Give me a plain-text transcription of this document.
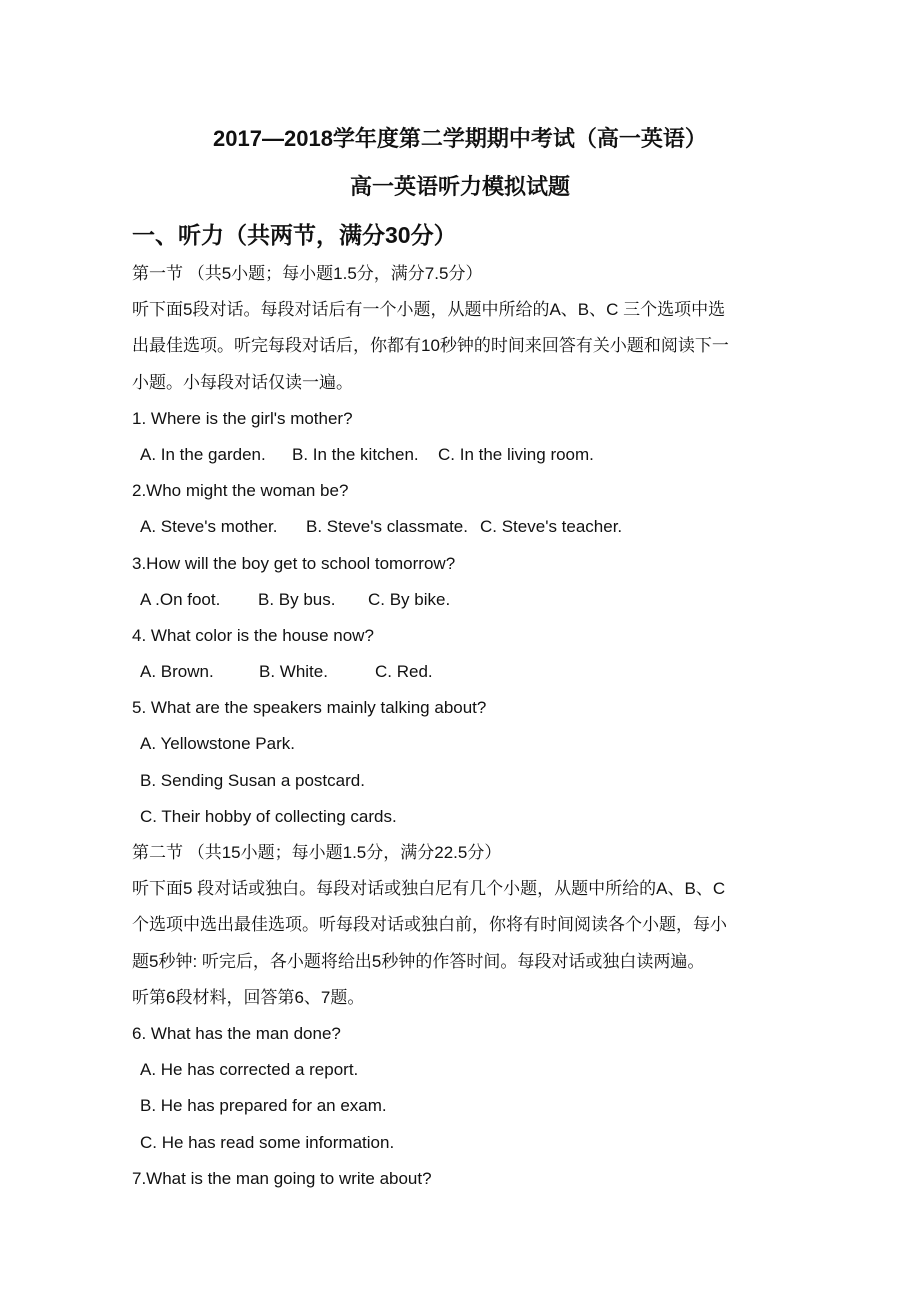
2017—2018学年度第二学期期中考试（高一英语）
高一英语听力模拟试题
一、听力（共两节，满分30分）

第一节 （共5小题；每小题1.5分，满分7.5分）
听下面5段对话。每段对话后有一个小题，从题中所给的A、B、C 三个选项中选
出最佳选项。听完每段对话后，你都有10秒钟的时间来回答有关小题和阅读下一
小题。小每段对话仅读一遍。
1. Where is the girl's mother?
A. In the garden. B. In the kitchen. C. In the living room.
2.Who might the woman be?
A. Steve's mother. B. Steve's classmate. C. Steve's teacher.
3.How will the boy get to school tomorrow?
A .On foot. B. By bus. C. By bike.
4. What color is the house now?
A. Brown.	B. White.	C. Red.
5. What are the speakers mainly talking about?
A. Yellowstone Park.
B. Sending Susan a postcard.
C. Their hobby of collecting cards.
第二节 （共15小题；每小题1.5分，满分22.5分）
听下面5 段对话或独白。每段对话或独白尼有几个小题，从题中所给的A、B、C
个选项中选出最佳选项。听每段对话或独白前，你将有时间阅读各个小题，每小
题5秒钟: 听完后，各小题将给出5秒钟的作答时间。每段对话或独白读两遍。
听第6段材料，回答第6、7题。
6. What has the man done?
A. He has corrected a report.
B. He has prepared for an exam.
C. He has read some information.
7.What is the man going to write about?
